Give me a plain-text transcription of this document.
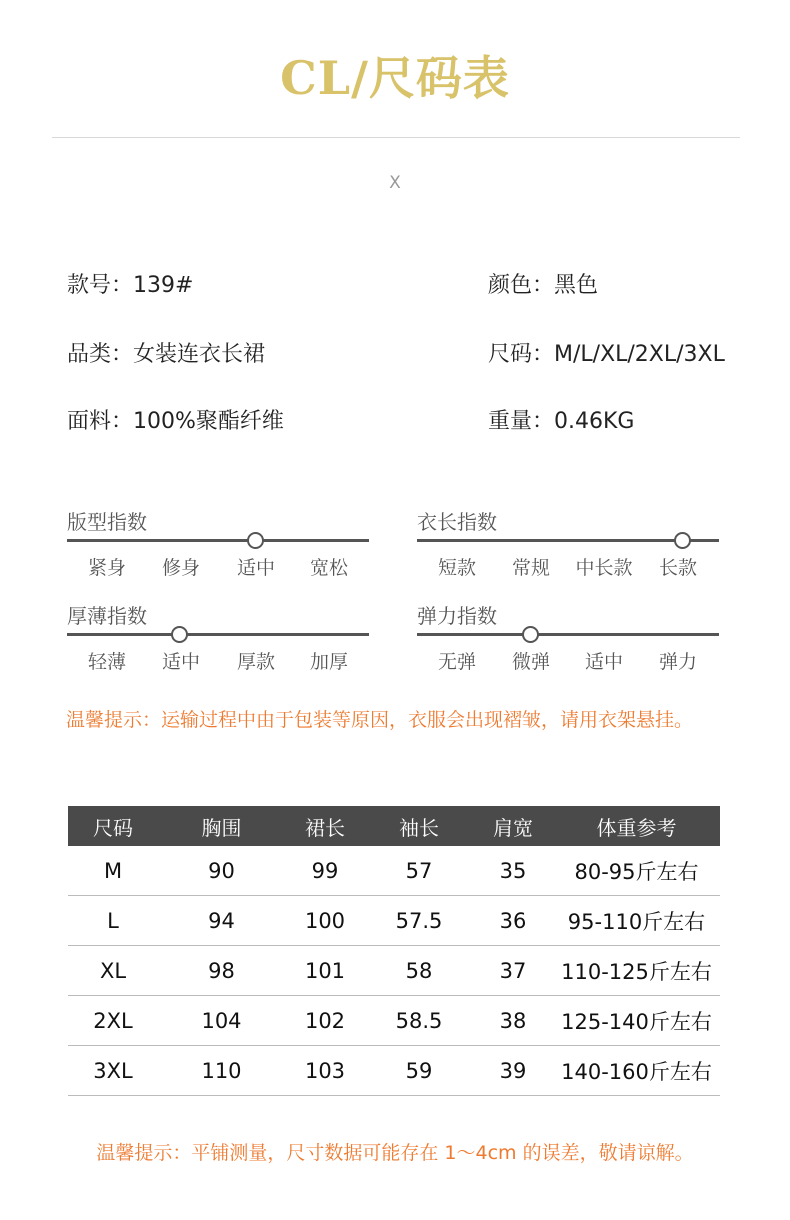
CL/尺码表
X
款号：139#
品类：女装连衣长裙
面料：100%聚酯纤维
颜色：黑色
尺码：M/L/XL/2XL/3XL
重量：0.46KG
版型指数
紧身	修身	适中	宽松
衣长指数
短款	常规	中长款	长款
厚薄指数
轻薄	适中	厚款	加厚
弹力指数
无弹	微弹	适中	弹力
温馨提示：运输过程中由于包装等原因，衣服会出现褶皱，请用衣架悬挂。
尺码	胸围	裙长	袖长	肩宽	体重参考
M	90	99	57	35	80-95斤左右
L	94	100	57.5	36	95-110斤左右
XL	98	101	58	37	110-125斤左右
2XL	104	102	58.5	38	125-140斤左右
3XL	110	103	59	39	140-160斤左右
温馨提示：平铺测量，尺寸数据可能存在 1～4cm 的误差，敬请谅解。
